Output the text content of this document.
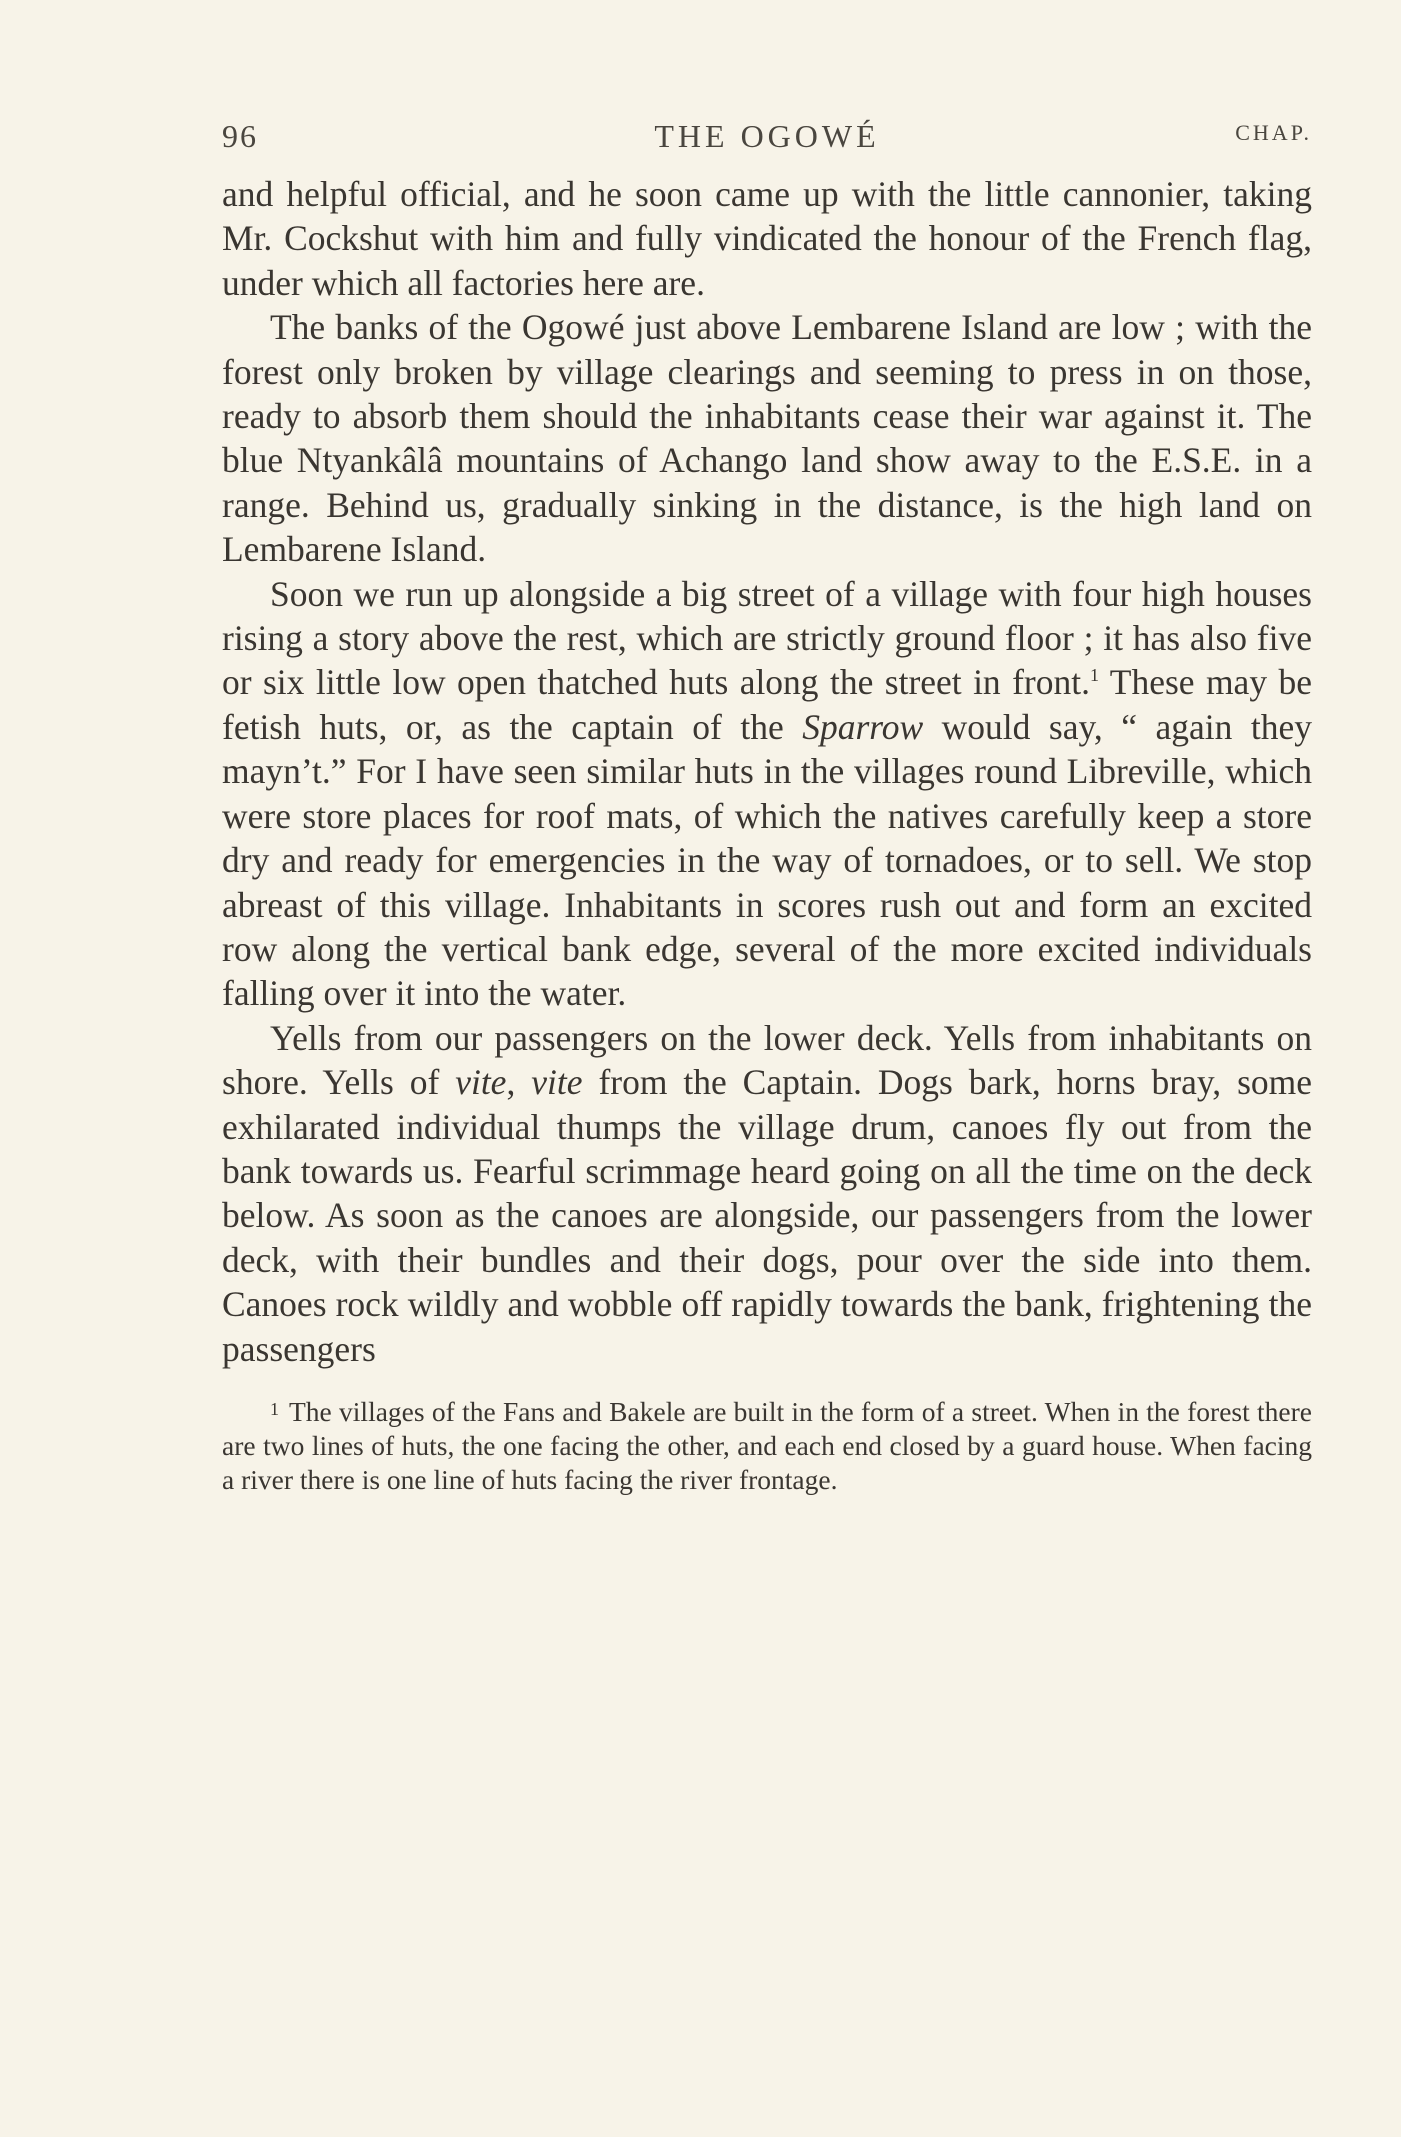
96	THE OGOWÉ	CHAP.

and helpful official, and he soon came up with the little cannonier, taking Mr. Cockshut with him and fully vindicated the honour of the French flag, under which all factories here are.

The banks of the Ogowé just above Lembarene Island are low ; with the forest only broken by village clearings and seeming to press in on those, ready to absorb them should the inhabitants cease their war against it. The blue Ntyankâlâ mountains of Achango land show away to the E.S.E. in a range. Behind us, gradually sinking in the distance, is the high land on Lembarene Island.

Soon we run up alongside a big street of a village with four high houses rising a story above the rest, which are strictly ground floor ; it has also five or six little low open thatched huts along the street in front.$^1$ These may be fetish huts, or, as the captain of the Sparrow would say, “ again they mayn’t.” For I have seen similar huts in the villages round Libreville, which were store places for roof mats, of which the natives carefully keep a store dry and ready for emergencies in the way of tornadoes, or to sell. We stop abreast of this village. Inhabitants in scores rush out and form an excited row along the vertical bank edge, several of the more excited individuals falling over it into the water.

Yells from our passengers on the lower deck. Yells from inhabitants on shore. Yells of vite, vite from the Captain. Dogs bark, horns bray, some exhilarated individual thumps the village drum, canoes fly out from the bank towards us. Fearful scrimmage heard going on all the time on the deck below. As soon as the canoes are alongside, our passengers from the lower deck, with their bundles and their dogs, pour over the side into them. Canoes rock wildly and wobble off rapidly towards the bank, frightening the passengers

$^1$ The villages of the Fans and Bakele are built in the form of a street. When in the forest there are two lines of huts, the one facing the other, and each end closed by a guard house. When facing a river there is one line of huts facing the river frontage.
